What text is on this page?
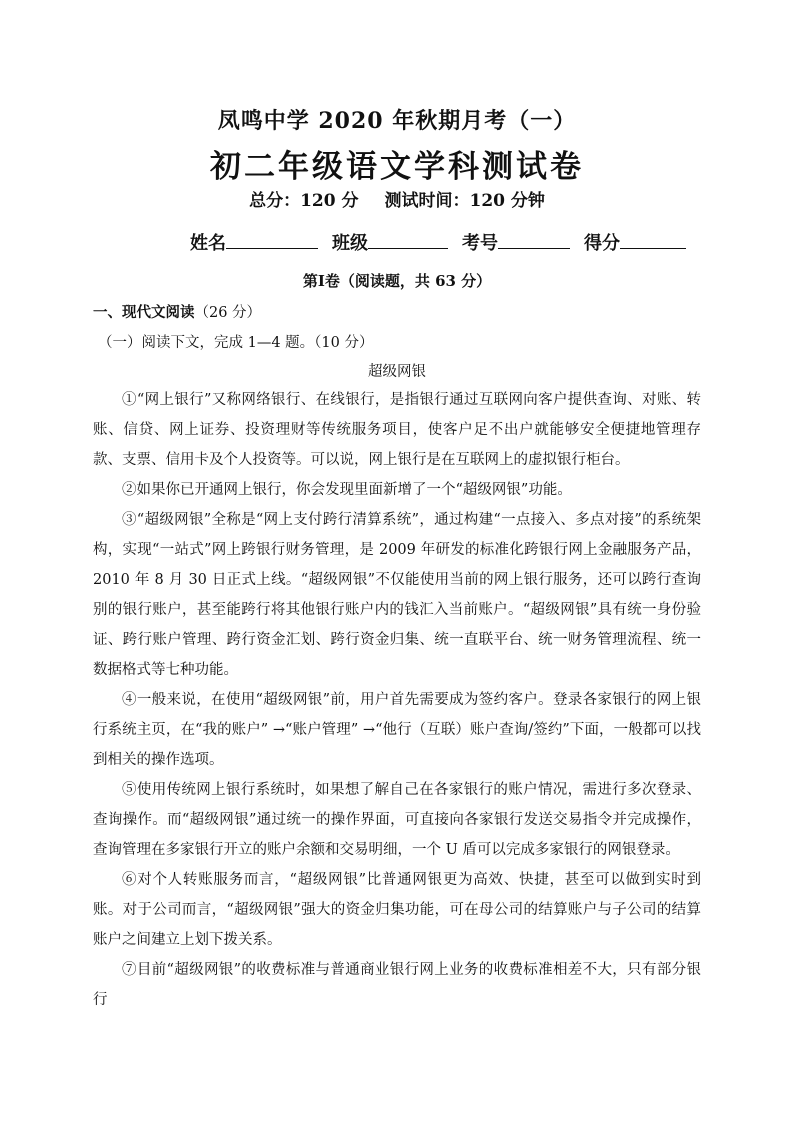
凤鸣中学 2020 年秋期月考（一）
初二年级语文学科测试卷
总分：120 分 测试时间：120 分钟
姓名	班级	考号	得分
第Ⅰ卷（阅读题，共 63 分）
一、现代文阅读（26 分）
（一）阅读下文，完成 1—4 题。（10 分）
超级网银

①“网上银行”又称网络银行、在线银行，是指银行通过互联网向客户提供查询、对账、转账、信贷、网上证券、投资理财等传统服务项目，使客户足不出户就能够安全便捷地管理存款、支票、信用卡及个人投资等。可以说，网上银行是在互联网上的虚拟银行柜台。

②如果你已开通网上银行，你会发现里面新增了一个“超级网银”功能。

③“超级网银”全称是“网上支付跨行清算系统”，通过构建“一点接入、多点对接”的系统架构，实现“一站式”网上跨银行财务管理，是 2009 年研发的标准化跨银行网上金融服务产品，2010 年 8 月 30 日正式上线。“超级网银”不仅能使用当前的网上银行服务，还可以跨行查询别的银行账户，甚至能跨行将其他银行账户内的钱汇入当前账户。“超级网银”具有统一身份验证、跨行账户管理、跨行资金汇划、跨行资金归集、统一直联平台、统一财务管理流程、统一数据格式等七种功能。

④一般来说，在使用“超级网银”前，用户首先需要成为签约客户。登录各家银行的网上银行系统主页，在“我的账户” →“账户管理” →“他行（互联）账户查询/签约”下面，一般都可以找到相关的操作选项。

⑤使用传统网上银行系统时，如果想了解自己在各家银行的账户情况，需进行多次登录、查询操作。而“超级网银”通过统一的操作界面，可直接向各家银行发送交易指令并完成操作，查询管理在多家银行开立的账户余额和交易明细，一个 U 盾可以完成多家银行的网银登录。

⑥对个人转账服务而言，“超级网银”比普通网银更为高效、快捷，甚至可以做到实时到账。对于公司而言，“超级网银”强大的资金归集功能，可在母公司的结算账户与子公司的结算账户之间建立上划下拨关系。

⑦目前“超级网银”的收费标准与普通商业银行网上业务的收费标准相差不大，只有部分银行
